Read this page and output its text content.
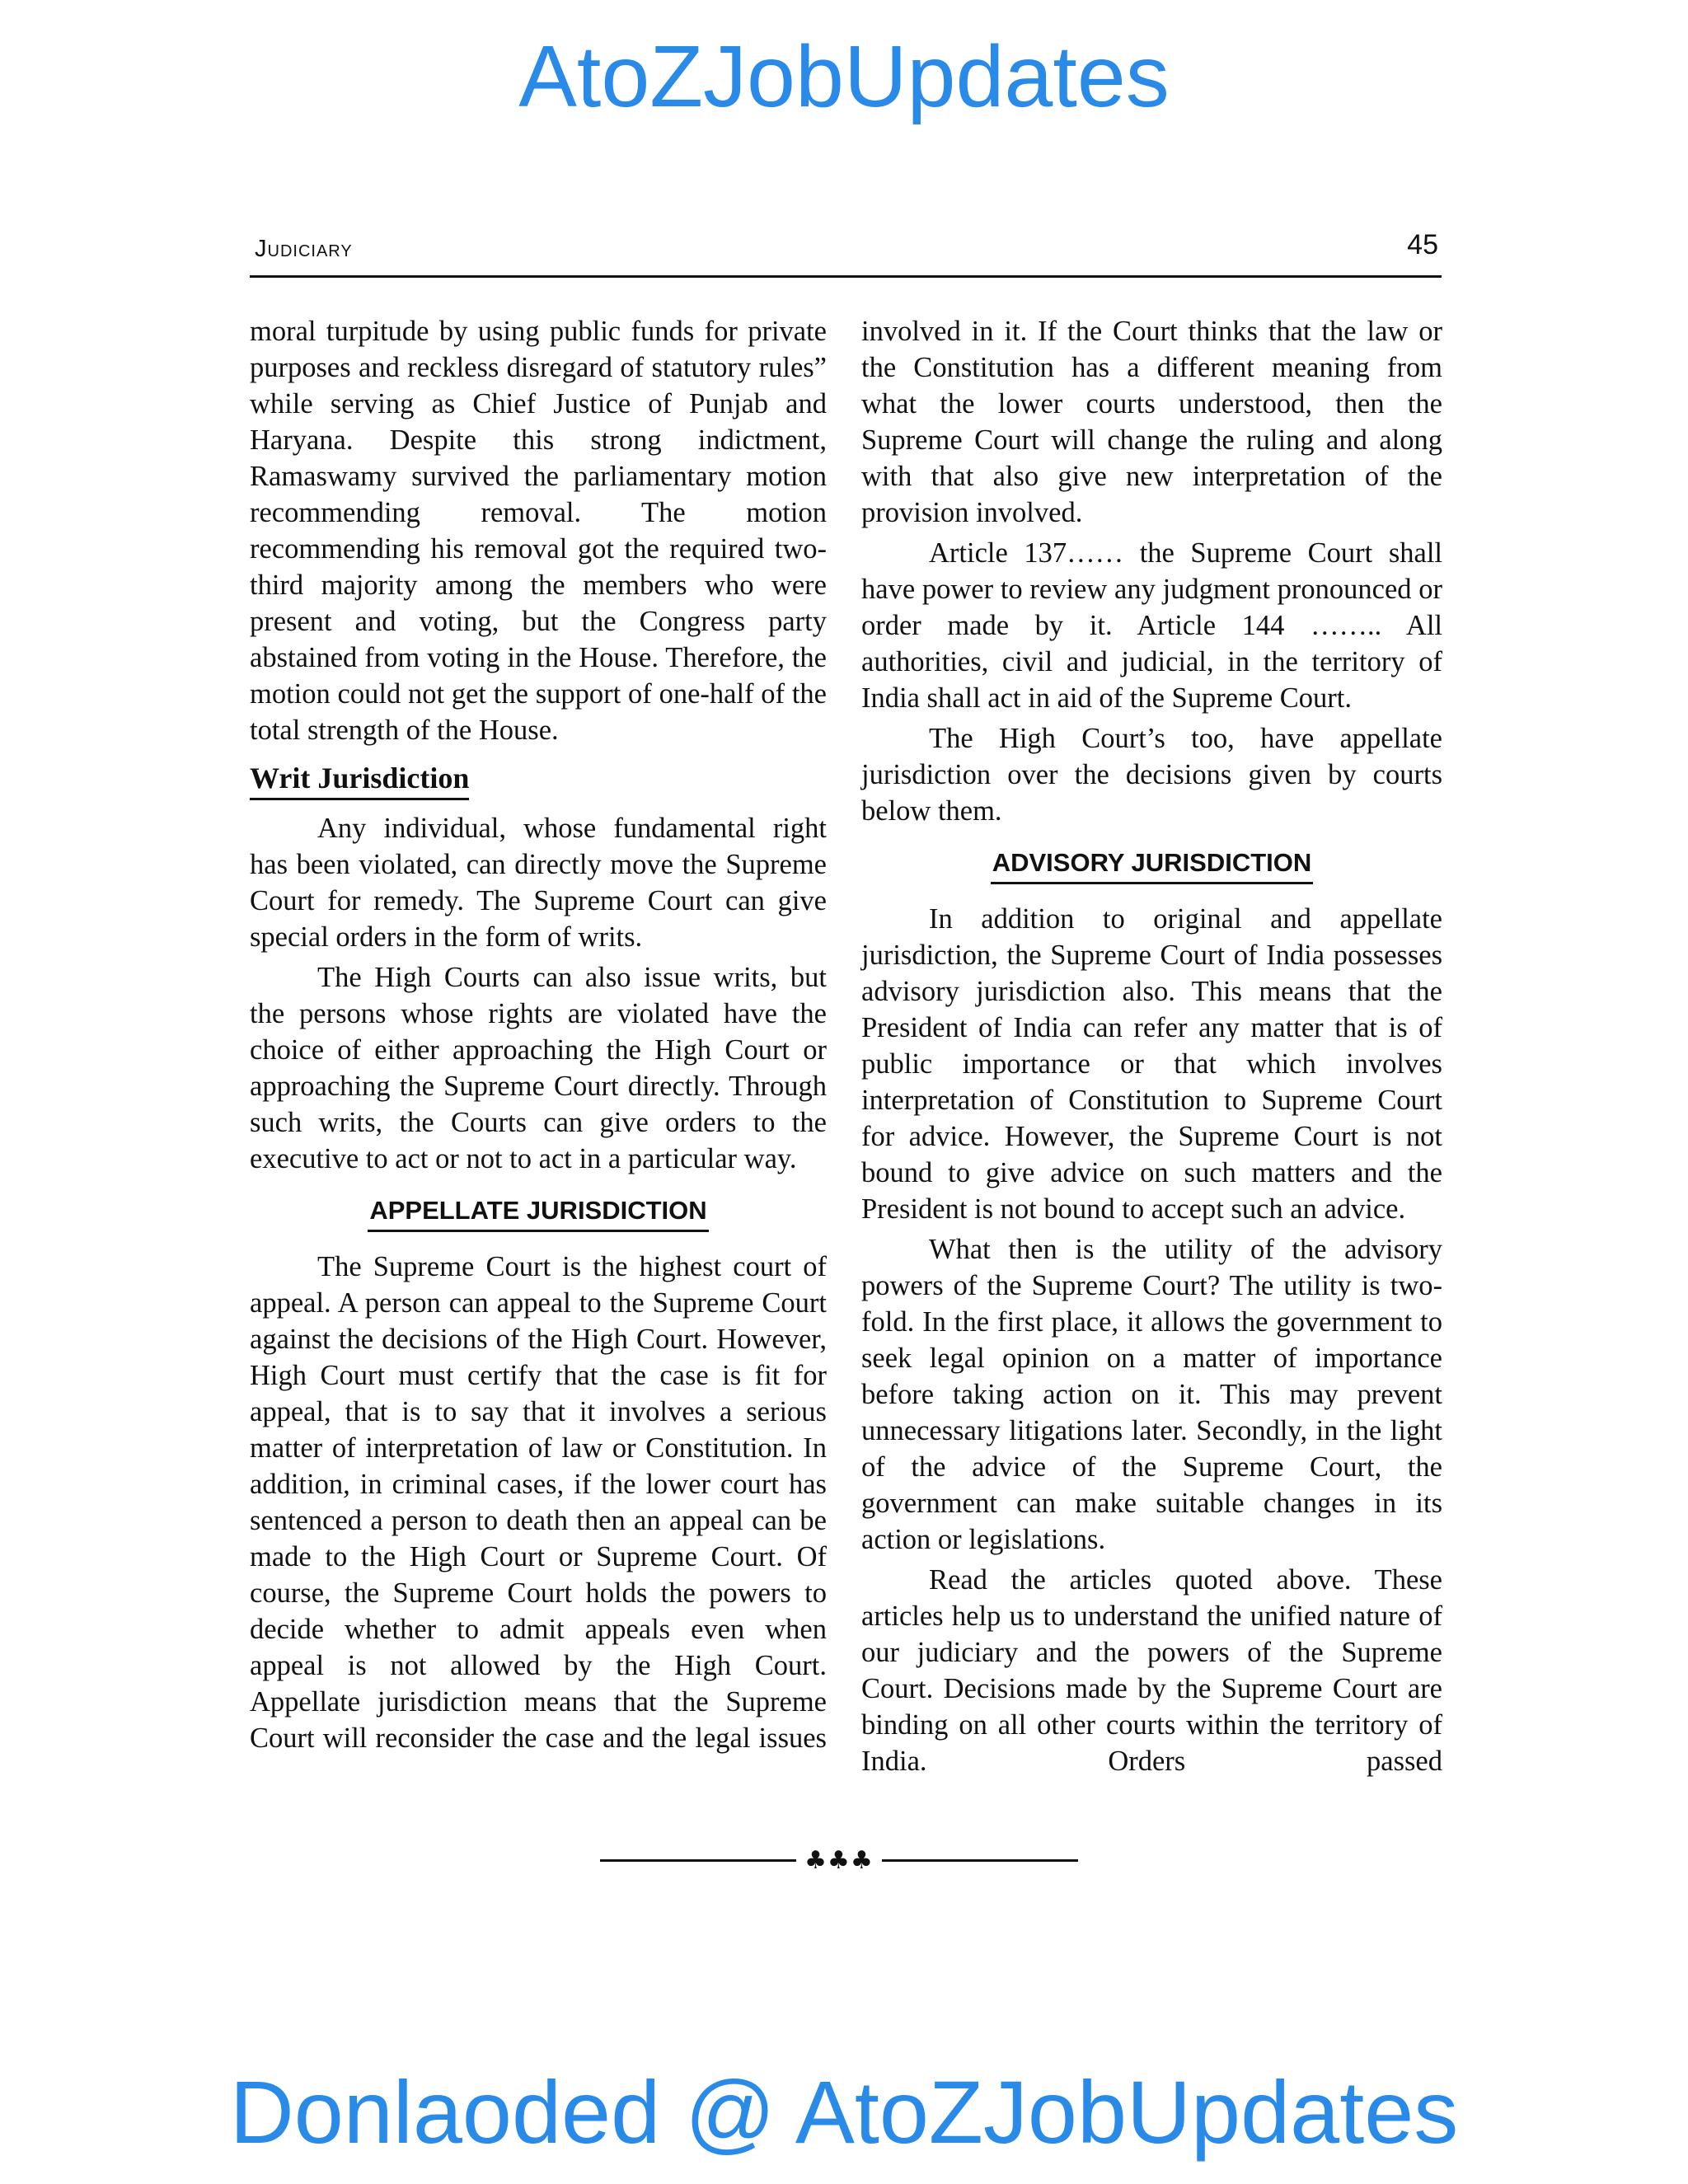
AtoZJobUpdates
Judiciary	45

moral turpitude by using public funds for private purposes and reckless disregard of statutory rules” while serving as Chief Justice of Punjab and Haryana. Despite this strong indictment, Ramaswamy survived the parliamentary motion recommending removal. The motion recommending his removal got the required two-third majority among the members who were present and voting, but the Congress party abstained from voting in the House. Therefore, the motion could not get the support of one-half of the total strength of the House.

Writ Jurisdiction

Any individual, whose fundamental right has been violated, can directly move the Supreme Court for remedy. The Supreme Court can give special orders in the form of writs.

The High Courts can also issue writs, but the persons whose rights are violated have the choice of either approaching the High Court or approaching the Supreme Court directly. Through such writs, the Courts can give orders to the executive to act or not to act in a particular way.

APPELLATE JURISDICTION

The Supreme Court is the highest court of appeal. A person can appeal to the Supreme Court against the decisions of the High Court. However, High Court must certify that the case is fit for appeal, that is to say that it involves a serious matter of interpretation of law or Constitution. In addition, in criminal cases, if the lower court has sentenced a person to death then an appeal can be made to the High Court or Supreme Court. Of course, the Supreme Court holds the powers to decide whether to admit appeals even when appeal is not allowed by the High Court. Appellate jurisdiction means that the Supreme Court will reconsider the case and the legal issues

involved in it. If the Court thinks that the law or the Constitution has a different meaning from what the lower courts understood, then the Supreme Court will change the ruling and along with that also give new interpretation of the provision involved.

Article 137…… the Supreme Court shall have power to review any judgment pronounced or order made by it. Article 144 …….. All authorities, civil and judicial, in the territory of India shall act in aid of the Supreme Court.

The High Court’s too, have appellate jurisdiction over the decisions given by courts below them.

ADVISORY JURISDICTION

In addition to original and appellate jurisdiction, the Supreme Court of India possesses advisory jurisdiction also. This means that the President of India can refer any matter that is of public importance or that which involves interpretation of Constitution to Supreme Court for advice. However, the Supreme Court is not bound to give advice on such matters and the President is not bound to accept such an advice.

What then is the utility of the advisory powers of the Supreme Court? The utility is two-fold. In the first place, it allows the government to seek legal opinion on a matter of importance before taking action on it. This may prevent unnecessary litigations later. Secondly, in the light of the advice of the Supreme Court, the government can make suitable changes in its action or legislations.

Read the articles quoted above. These articles help us to understand the unified nature of our judiciary and the powers of the Supreme Court. Decisions made by the Supreme Court are binding on all other courts within the territory of India. Orders passed

♣♣♣
Donlaoded @ AtoZJobUpdates
